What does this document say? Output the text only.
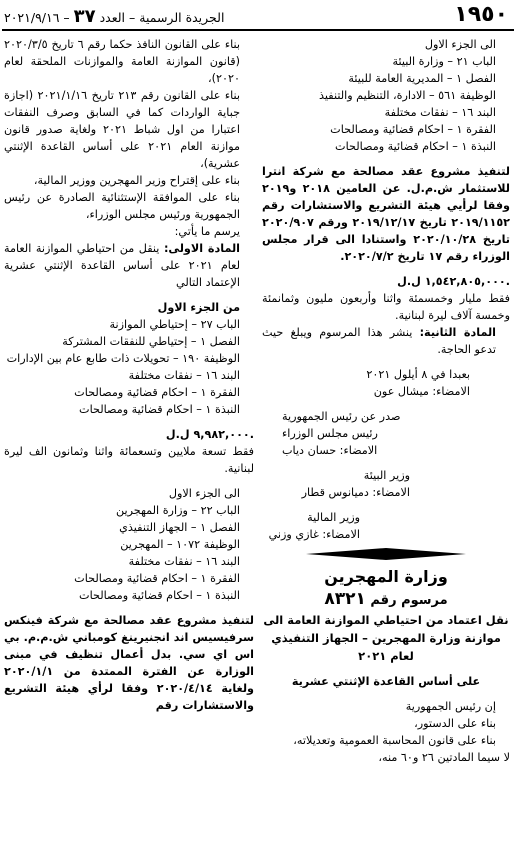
١٩٥٠
الجريدة الرسمية – العدد ٣٧ – ٢٠٢١/٩/١٦

الى الجزء الاول

الباب ٢١ – وزارة البيئة

الفصل ١ – المديرية العامة للبيئة

الوظيفة ٥٦١ – الادارة، التنظيم والتنفيذ

البند ١٦ – نفقات مختلفة

الفقرة ١ – احكام قضائية ومصالحات

النبذة ١ – احكام قضائية ومصالحات

لتنفيذ مشروع عقد مصالحة مع شركة انترا للاستثمار ش.م.ل. عن العامين ٢٠١٨ و٢٠١٩ وفقا لرأيي هيئة التشريع والاستشارات رقم ٢٠١٩/١١٥٢ تاريخ ٢٠١٩/١٢/١٧ ورقم ٢٠٢٠/٩٠٧ تاريخ ٢٠٢٠/١٠/٢٨ واستنادا الى قرار مجلس الوزراء رقم ١٧ تاريخ ٢٠٢٠/٧/٢.

١,٥٤٢,٨٠٥,٠٠٠ ل.ل.

فقط مليار وخمسمئة واثنا وأربعون مليون وثمانمئة وخمسة آلاف ليرة لبنانية.

المادة الثانية: ينشر هذا المرسوم ويبلغ حيث تدعو الحاجة.

بعبدا في ٨ أيلول ٢٠٢١

الامضاء: ميشال عون

صدر عن رئيس الجمهورية

رئيس مجلس الوزراء

الامضاء: حسان دياب

وزير البيئة

الامضاء: دميانوس قطار

وزير المالية

الامضاء: غازي وزني

وزارة المهجرين

مرسوم رقم ٨٣٢١

نقل اعتماد من احتياطي الموازنة العامة الى موازنة وزارة المهجرين – الجهاز التنفيذي لعام ٢٠٢١

على أساس القاعدة الإثنتي عشرية

إن رئيس الجمهورية

بناء على الدستور،

بناء على قانون المحاسبة العمومية وتعديلاته،

لا سيما المادتين ٢٦ و٦٠ منه،

بناء على القانون النافذ حكما رقم ٦ تاريخ ٢٠٢٠/٣/٥ (قانون الموازنة العامة والموازنات الملحقة لعام ٢٠٢٠)،

بناء على القانون رقم ٢١٣ تاريخ ٢٠٢١/١/١٦ (اجازة جباية الواردات كما في السابق وصرف النفقات اعتبارا من اول شباط ٢٠٢١ ولغاية صدور قانون موازنة العام ٢٠٢١ على أساس القاعدة الإثنتي عشرية)،

بناء على إقتراح وزير المهجرين ووزير المالية،

بناء على الموافقة الإستثنائية الصادرة عن رئيس الجمهورية ورئيس مجلس الوزراء،

يرسم ما يأتي:

المادة الاولى: ينقل من احتياطي الموازنة العامة لعام ٢٠٢١ على أساس القاعدة الإثنتي عشرية الإعتماد التالي

من الجزء الاول

الباب ٢٧ – إحتياطي الموازنة

الفصل ١ – إحتياطي للنفقات المشتركة

الوظيفة ١٩٠ – تحويلات ذات طابع عام بين الإدارات

البند ١٦ – نفقات مختلفة

الفقرة ١ – احكام قضائية ومصالحات

النبذة ١ – احكام قضائية ومصالحات

٩,٩٨٢,٠٠٠ ل.ل.

فقط تسعة ملايين وتسعمائة واثنا وثمانون الف ليرة لبنانية.

الى الجزء الاول

الباب ٢٢ – وزارة المهجرين

الفصل ١ – الجهاز التنفيذي

الوظيفة ١٠٧٢ – المهجرين

البند ١٦ – نفقات مختلفة

الفقرة ١ – احكام قضائية ومصالحات

النبذة ١ – احكام قضائية ومصالحات

لتنفيذ مشروع عقد مصالحة مع شركة فينكس سرفيسيس اند انجنيرينغ كومباني ش.م.م. بي اس اي سي. بدل أعمال تنظيف في مبنى الوزارة عن الفترة الممتدة من ٢٠٢٠/١/١ ولغاية ٢٠٢٠/٤/١٤ وفقا لرأي هيئة التشريع والاستشارات رقم
